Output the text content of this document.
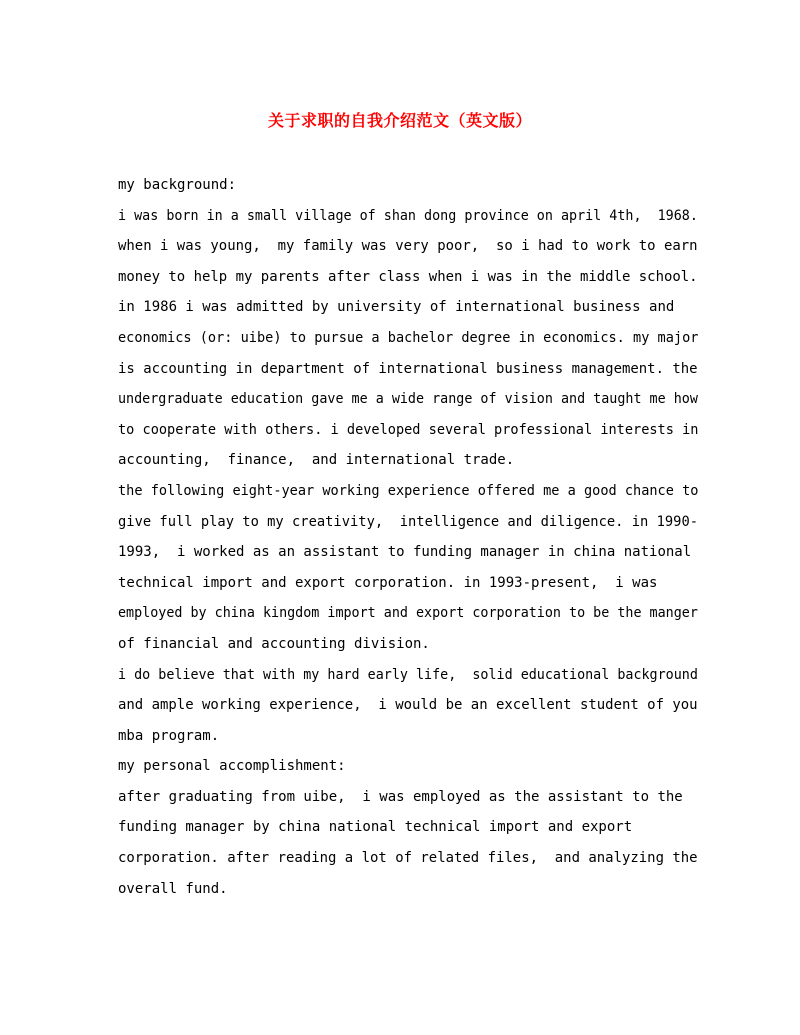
关于求职的自我介绍范文（英文版）
my background:
i was born in a small village of shan dong province on april 4th,  1968.
when i was young,  my family was very poor,  so i had to work to earn
money to help my parents after class when i was in the middle school.
in 1986 i was admitted by university of international business and
economics (or: uibe) to pursue a bachelor degree in economics. my major
is accounting in department of international business management. the
undergraduate education gave me a wide range of vision and taught me how
to cooperate with others. i developed several professional interests in
accounting,  finance,  and international trade.
the following eight-year working experience offered me a good chance to
give full play to my creativity,  intelligence and diligence. in 1990-
1993,  i worked as an assistant to funding manager in china national
technical import and export corporation. in 1993-present,  i was
employed by china kingdom import and export corporation to be the manger
of financial and accounting division.
i do believe that with my hard early life,  solid educational background
and ample working experience,  i would be an excellent student of you
mba program.
my personal accomplishment:
after graduating from uibe,  i was employed as the assistant to the
funding manager by china national technical import and export
corporation. after reading a lot of related files,  and analyzing the
overall fund.
